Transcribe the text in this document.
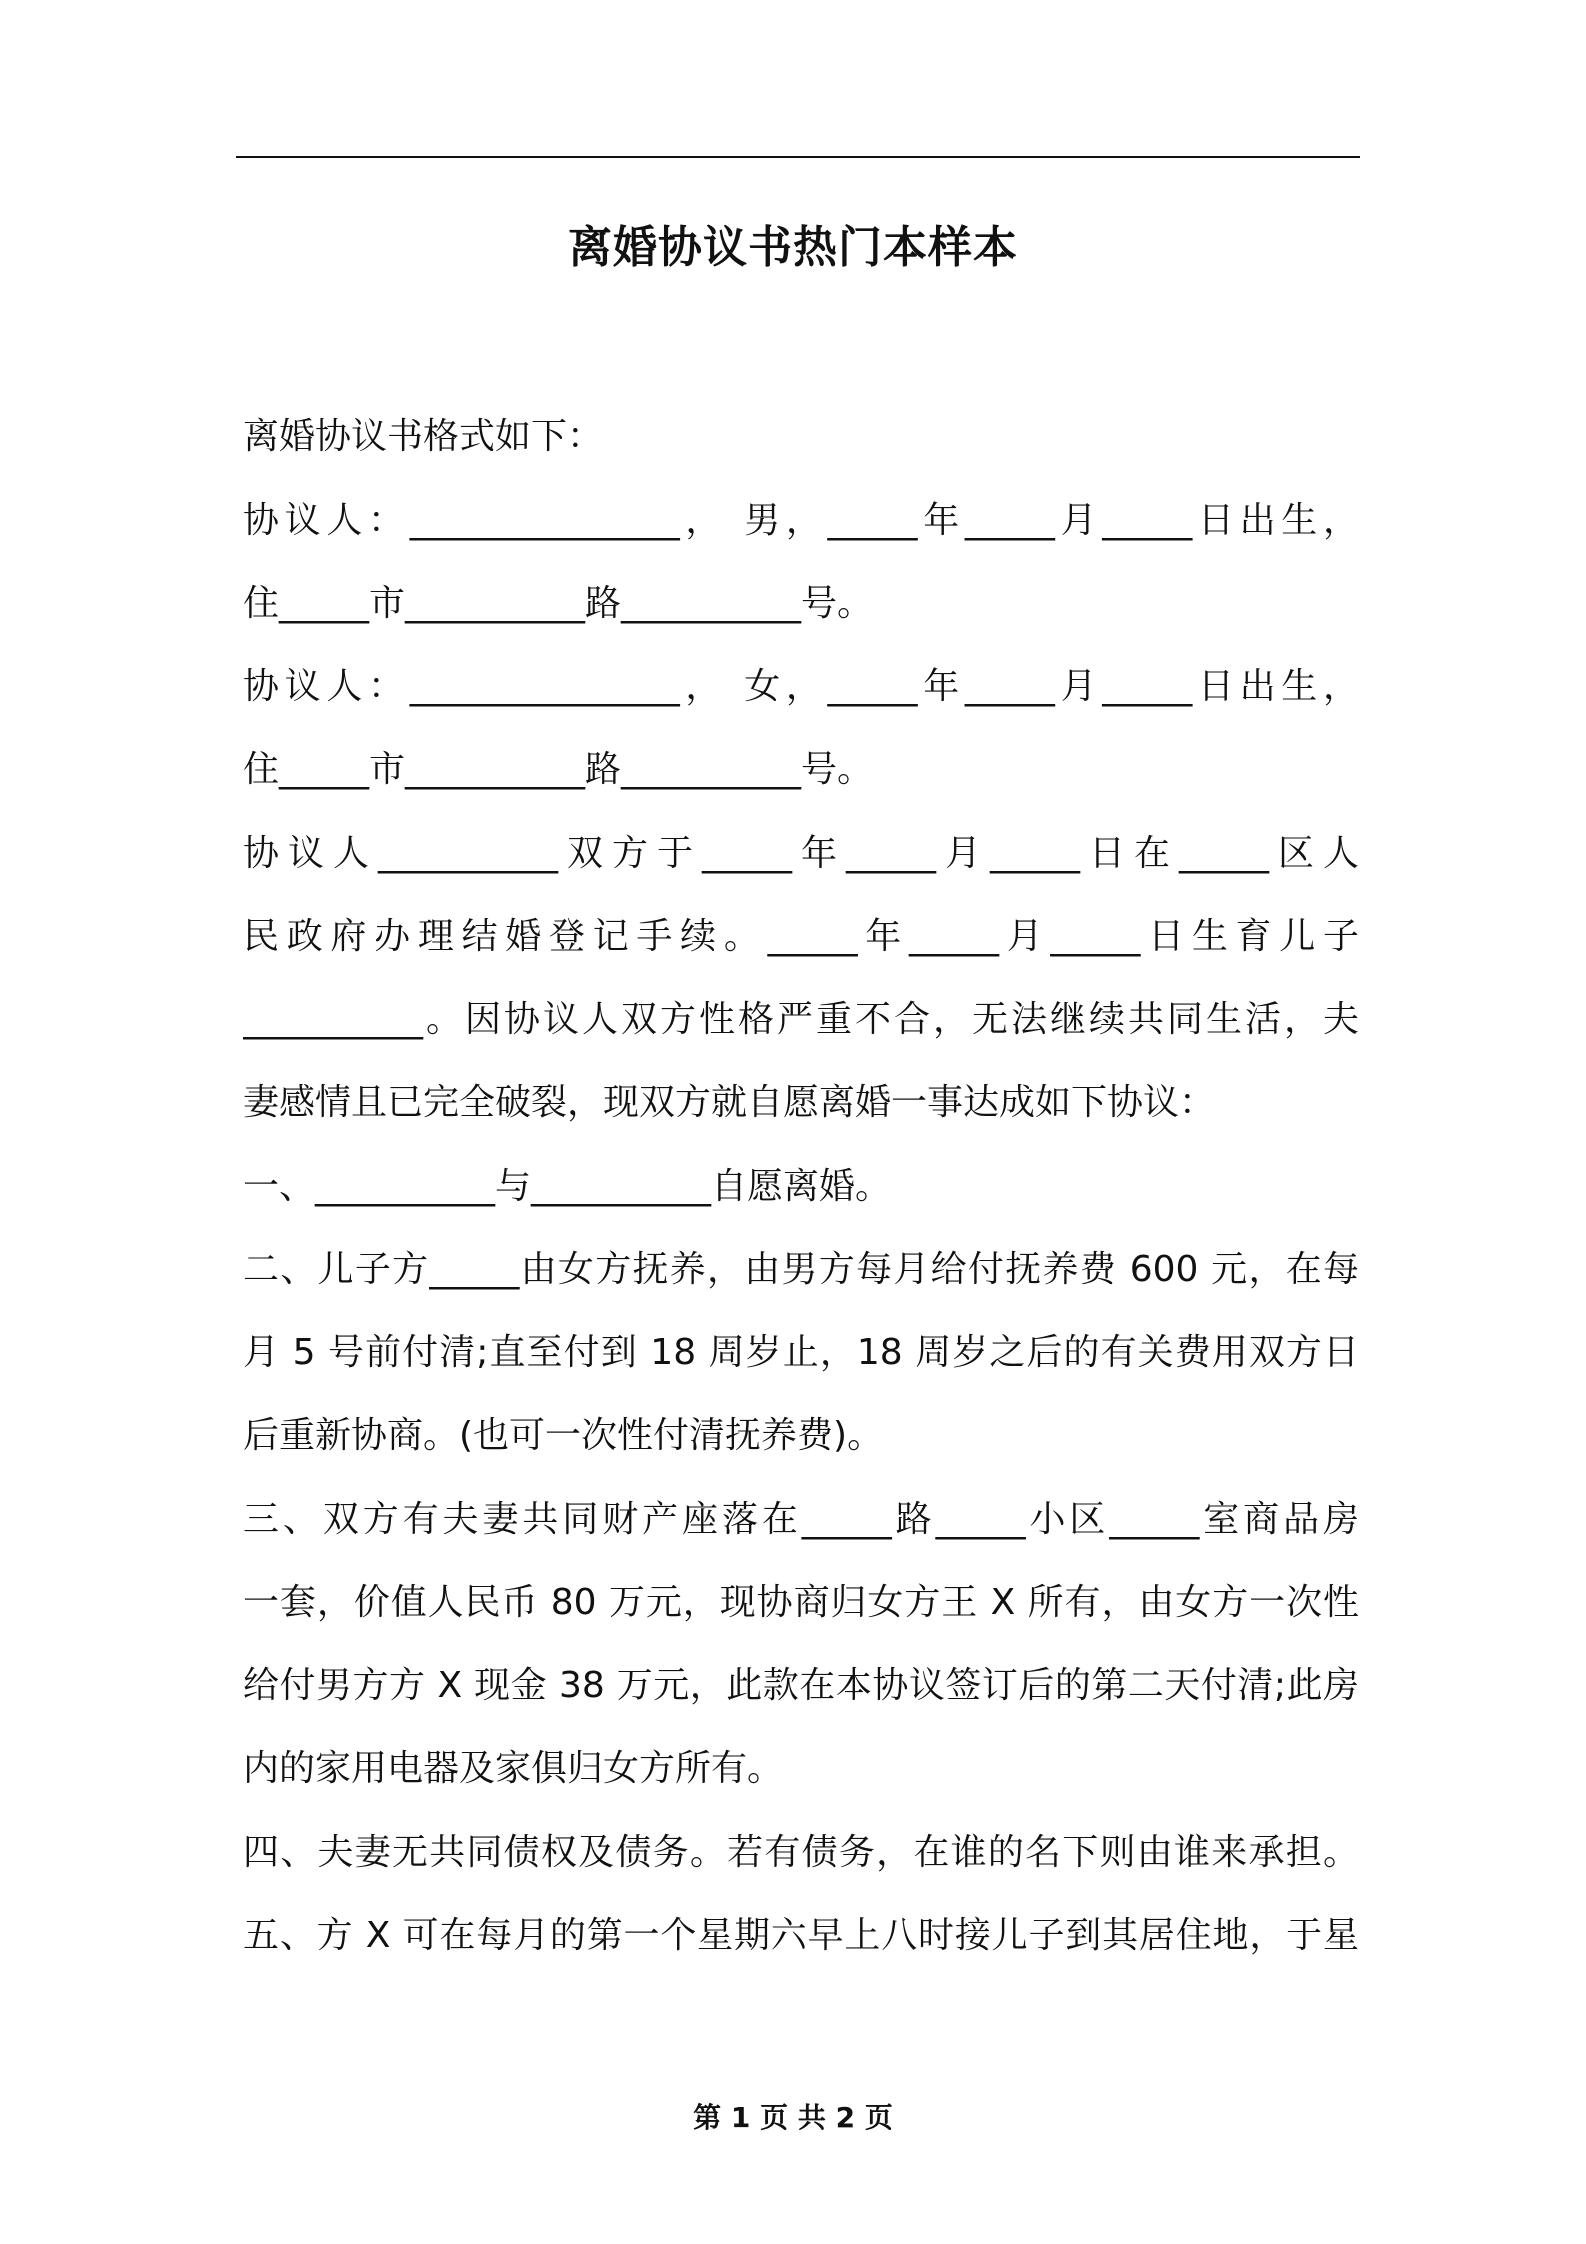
离婚协议书热门本样本
离婚协议书格式如下：
协议人：_______________， 男，_____年_____月_____日出生，
住_____市__________路__________号。
协议人：_______________， 女，_____年_____月_____日出生，
住_____市__________路__________号。
协议人__________双方于_____年_____月_____日在_____区人
民政府办理结婚登记手续。_____年_____月_____日生育儿子
__________。因协议人双方性格严重不合，无法继续共同生活，夫
妻感情且已完全破裂，现双方就自愿离婚一事达成如下协议：
一、__________与__________自愿离婚。
二、儿子方_____由女方抚养，由男方每月给付抚养费 600 元，在每
月 5 号前付清;直至付到 18 周岁止，18 周岁之后的有关费用双方日
后重新协商。(也可一次性付清抚养费)。
三、双方有夫妻共同财产座落在_____路_____小区_____室商品房
一套，价值人民币 80 万元，现协商归女方王 X 所有，由女方一次性
给付男方方 X 现金 38 万元，此款在本协议签订后的第二天付清;此房
内的家用电器及家俱归女方所有。
四、夫妻无共同债权及债务。若有债务，在谁的名下则由谁来承担。
五、方 X 可在每月的第一个星期六早上八时接儿子到其居住地，于星
第 1 页 共 2 页
